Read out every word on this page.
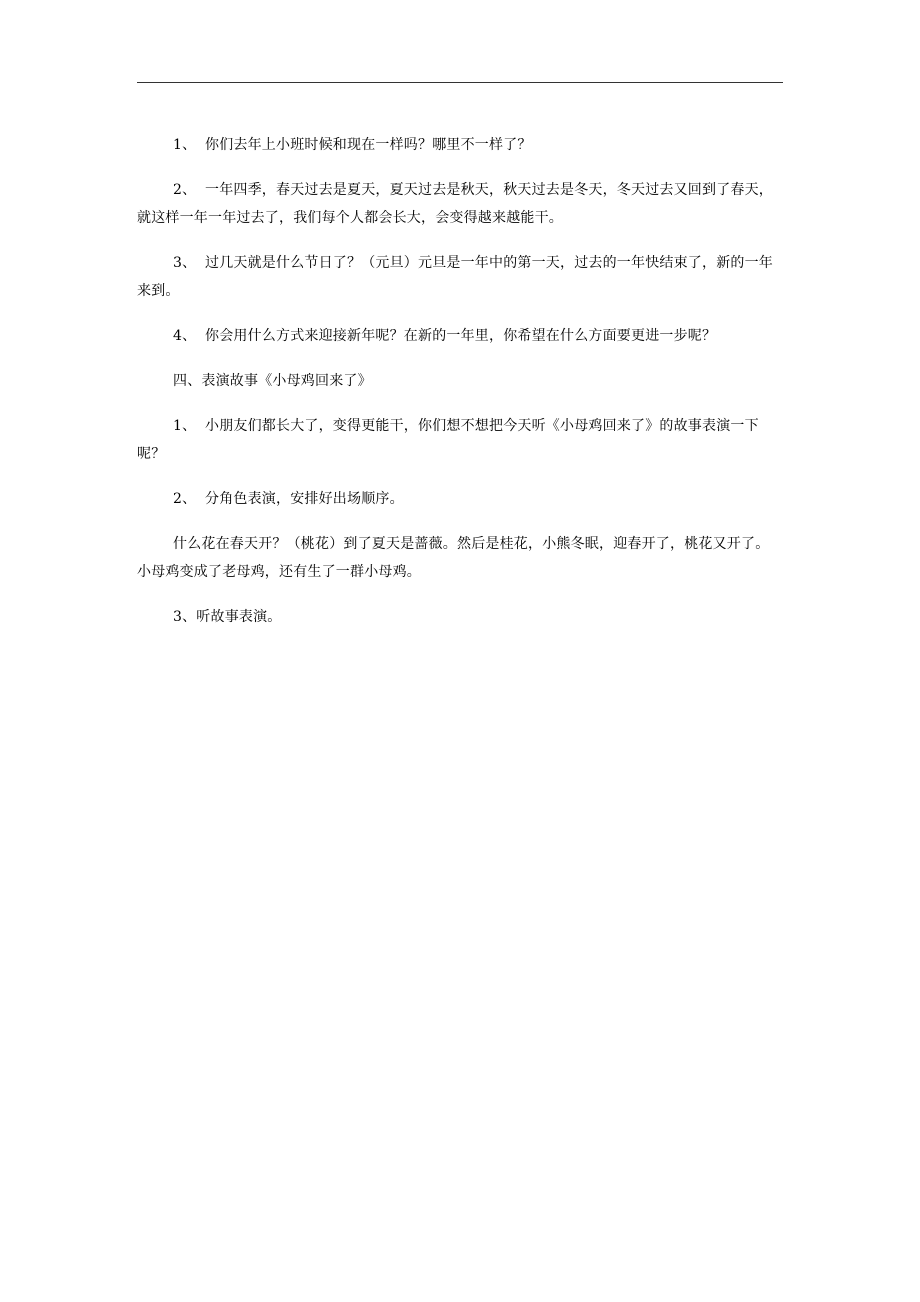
1、 你们去年上小班时候和现在一样吗？哪里不一样了？

2、 一年四季，春天过去是夏天，夏天过去是秋天，秋天过去是冬天，冬天过去又回到了春天，就这样一年一年过去了，我们每个人都会长大，会变得越来越能干。

3、 过几天就是什么节日了？（元旦）元旦是一年中的第一天，过去的一年快结束了，新的一年来到。

4、 你会用什么方式来迎接新年呢？在新的一年里，你希望在什么方面要更进一步呢？

四、表演故事《小母鸡回来了》

1、 小朋友们都长大了，变得更能干，你们想不想把今天听《小母鸡回来了》的故事表演一下呢？

2、 分角色表演，安排好出场顺序。

什么花在春天开？（桃花）到了夏天是蔷薇。然后是桂花，小熊冬眠，迎春开了，桃花又开了。小母鸡变成了老母鸡，还有生了一群小母鸡。

3、听故事表演。
